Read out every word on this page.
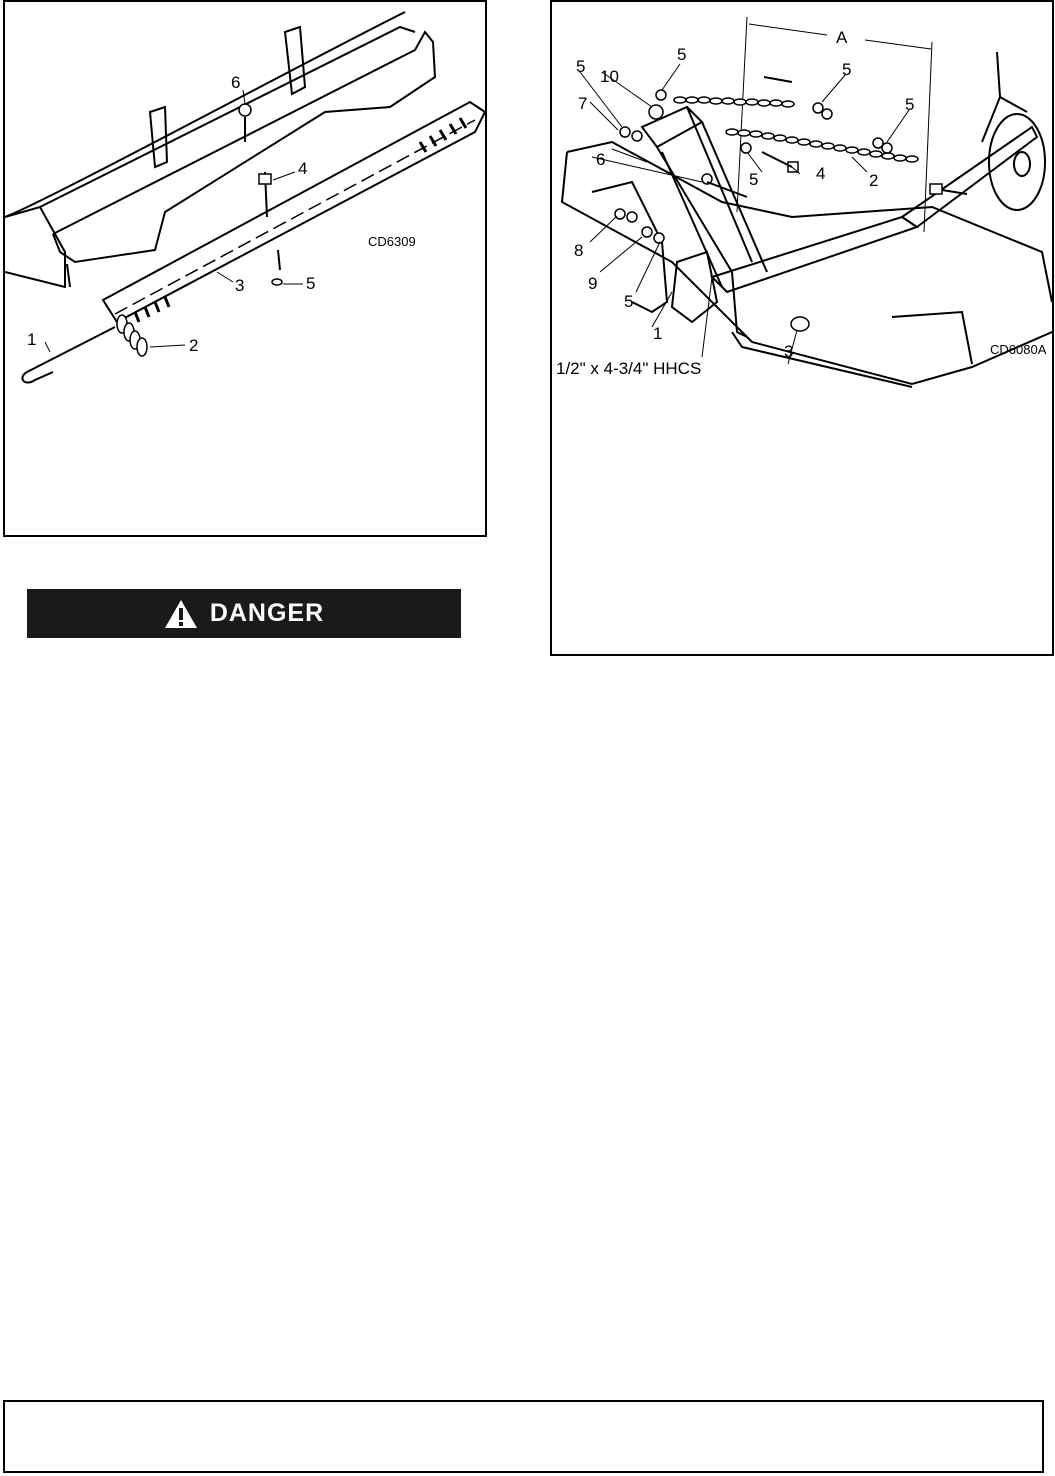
6
4
5
3
1	2
CD6309
A
5
5
10	5
7	5
6
5	4	2
8
9
5
1
3
1/2" x 4-3/4" HHCS
CD6080A
DANGER
